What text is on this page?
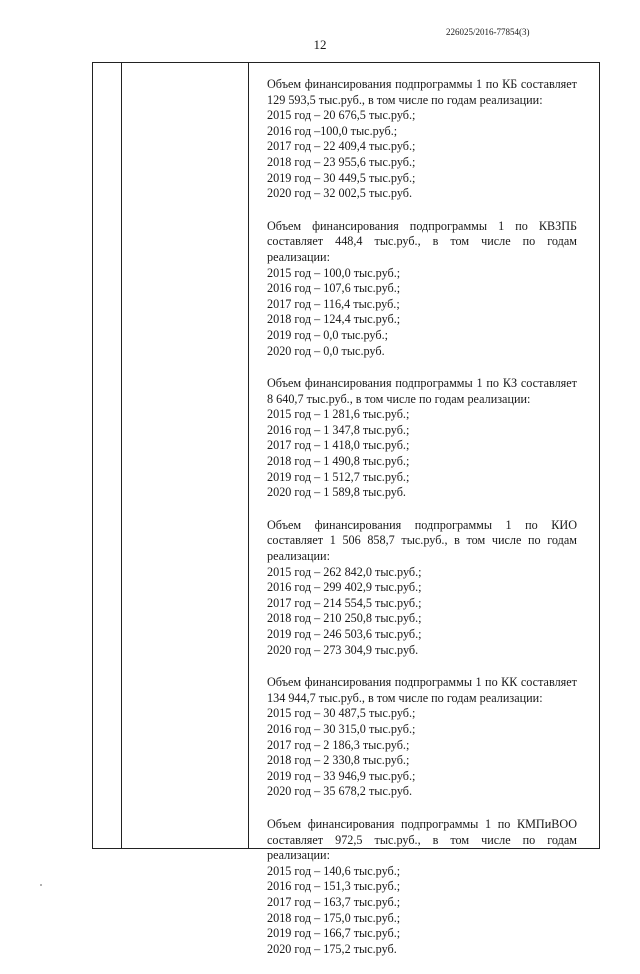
226025/2016-77854(3)
12
Объем финансирования подпрограммы 1 по КБ составляет 129 593,5 тыс.руб., в том числе по годам реализации:
2015 год – 20 676,5 тыс.руб.;
2016 год –100,0 тыс.руб.;
2017 год – 22 409,4 тыс.руб.;
2018 год – 23 955,6 тыс.руб.;
2019 год – 30 449,5 тыс.руб.;
2020 год – 32 002,5 тыс.руб.
Объем финансирования подпрограммы 1 по КВЗПБ составляет 448,4 тыс.руб., в том числе по годам реализации:
2015 год – 100,0 тыс.руб.;
2016 год – 107,6 тыс.руб.;
2017 год – 116,4 тыс.руб.;
2018 год – 124,4 тыс.руб.;
2019 год – 0,0 тыс.руб.;
2020 год – 0,0 тыс.руб.
Объем финансирования подпрограммы 1 по КЗ составляет 8 640,7 тыс.руб., в том числе по годам реализации:
2015 год – 1 281,6 тыс.руб.;
2016 год – 1 347,8 тыс.руб.;
2017 год – 1 418,0 тыс.руб.;
2018 год – 1 490,8 тыс.руб.;
2019 год – 1 512,7 тыс.руб.;
2020 год – 1 589,8 тыс.руб.
Объем финансирования подпрограммы 1 по КИО составляет 1 506 858,7 тыс.руб., в том числе по годам реализации:
2015 год – 262 842,0 тыс.руб.;
2016 год – 299 402,9 тыс.руб.;
2017 год – 214 554,5 тыс.руб.;
2018 год – 210 250,8 тыс.руб.;
2019 год – 246 503,6 тыс.руб.;
2020 год – 273 304,9 тыс.руб.
Объем финансирования подпрограммы 1 по КК составляет 134 944,7 тыс.руб., в том числе по годам реализации:
2015 год – 30 487,5 тыс.руб.;
2016 год – 30 315,0 тыс.руб.;
2017 год – 2 186,3 тыс.руб.;
2018 год – 2 330,8 тыс.руб.;
2019 год – 33 946,9 тыс.руб.;
2020 год – 35 678,2 тыс.руб.
Объем финансирования подпрограммы 1 по КМПиВОО составляет 972,5 тыс.руб., в том числе по годам реализации:
2015 год – 140,6 тыс.руб.;
2016 год – 151,3 тыс.руб.;
2017 год – 163,7 тыс.руб.;
2018 год – 175,0 тыс.руб.;
2019 год – 166,7 тыс.руб.;
2020 год – 175,2 тыс.руб.
